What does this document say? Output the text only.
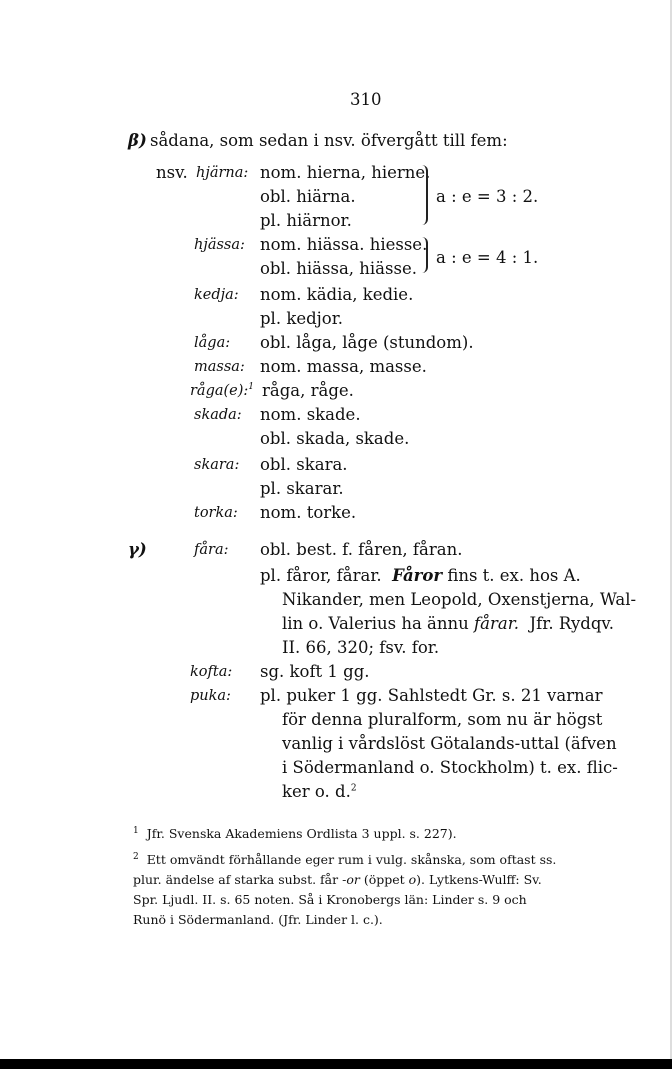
310
β) sådana, som sedan i nsv. öfvergått till fem:
nsv. hjärna: nom. hierna, hierne.
obl. hiärna.
pl. hiärnor.
hjässa: nom. hiässa. hiesse.
obl. hiässa, hiässe.
kedja: nom. kädia, kedie.
pl. kedjor.
låga: obl. låga, låge (stundom).
massa: nom. massa, masse.
råga(e):$^1$ råga, råge.
skada: nom. skade.
obl. skada, skade.
skara: obl. skara.
pl. skarar.
torka: nom. torke.
a : e = 3 : 2.
a : e = 4 : 1.
γ)	fåra: obl. best. f. fåren, fåran.
pl. fåror, fårar. Fåror fins t. ex. hos A.
Nikander, men Leopold, Oxenstjerna, Wal-
lin o. Valerius ha ännu fårar. Jfr. Rydqv.
II. 66, 320; fsv. for.
kofta: sg. koft 1 gg.
puka: pl. puker 1 gg. Sahlstedt Gr. s. 21 varnar
för denna pluralform, som nu är högst
vanlig i vårdslöst Götalands-uttal (äfven
i Södermanland o. Stockholm) t. ex. flic-
ker o. d.$^2$
$^1$ Jfr. Svenska Akademiens Ordlista 3 uppl. s. 227).
$^2$ Ett omvändt förhållande eger rum i vulg. skånska, som oftast ss.
plur. ändelse af starka subst. får -or (öppet o). Lytkens-Wulff: Sv.
Spr. Ljudl. II. s. 65 noten. Så i Kronobergs län: Linder s. 9 och
Runö i Södermanland. (Jfr. Linder l. c.).
